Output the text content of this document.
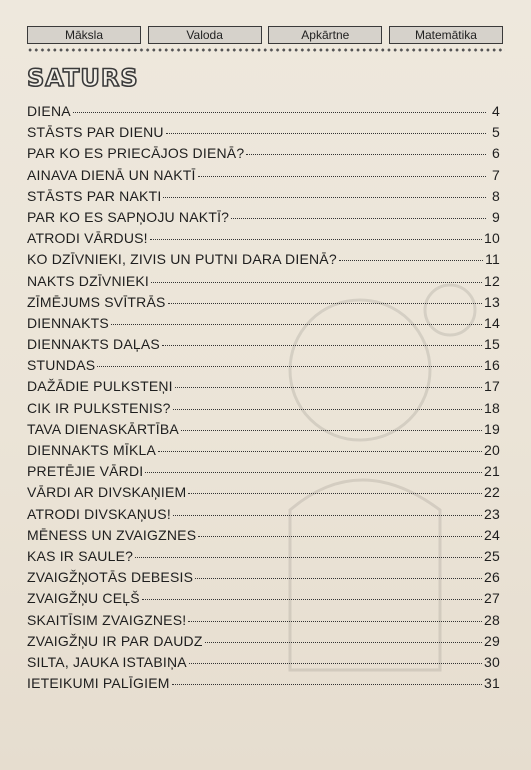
Māksla	Valoda	Apkārtne	Matemātika
SATURS
DIENA	4
STĀSTS PAR DIENU	5
PAR KO ES PRIECĀJOS DIENĀ?	6
AINAVA DIENĀ UN NAKTĪ	7
STĀSTS PAR NAKTI	8
PAR KO ES SAPŅOJU NAKTĪ?	9
ATRODI VĀRDUS!	10
KO DZĪVNIEKI, ZIVIS UN PUTNI DARA DIENĀ?	11
NAKTS DZĪVNIEKI	12
ZĪMĒJUMS SVĪTRĀS	13
DIENNAKTS	14
DIENNAKTS DAĻAS	15
STUNDAS	16
DAŽĀDIE PULKSTEŅI	17
CIK IR PULKSTENIS?	18
TAVA DIENASKĀRTĪBA	19
DIENNAKTS MĪKLA	20
PRETĒJIE VĀRDI	21
VĀRDI AR DIVSKAŅIEM	22
ATRODI DIVSKAŅUS!	23
MĒNESS UN ZVAIGZNES	24
KAS IR SAULE?	25
ZVAIGŽŅOTĀS DEBESIS	26
ZVAIGŽŅU CEĻŠ	27
SKAITĪSIM ZVAIGZNES!	28
ZVAIGŽŅU IR PAR DAUDZ	29
SILTA, JAUKA ISTABIŅA	30
IETEIKUMI PALĪGIEM	31
